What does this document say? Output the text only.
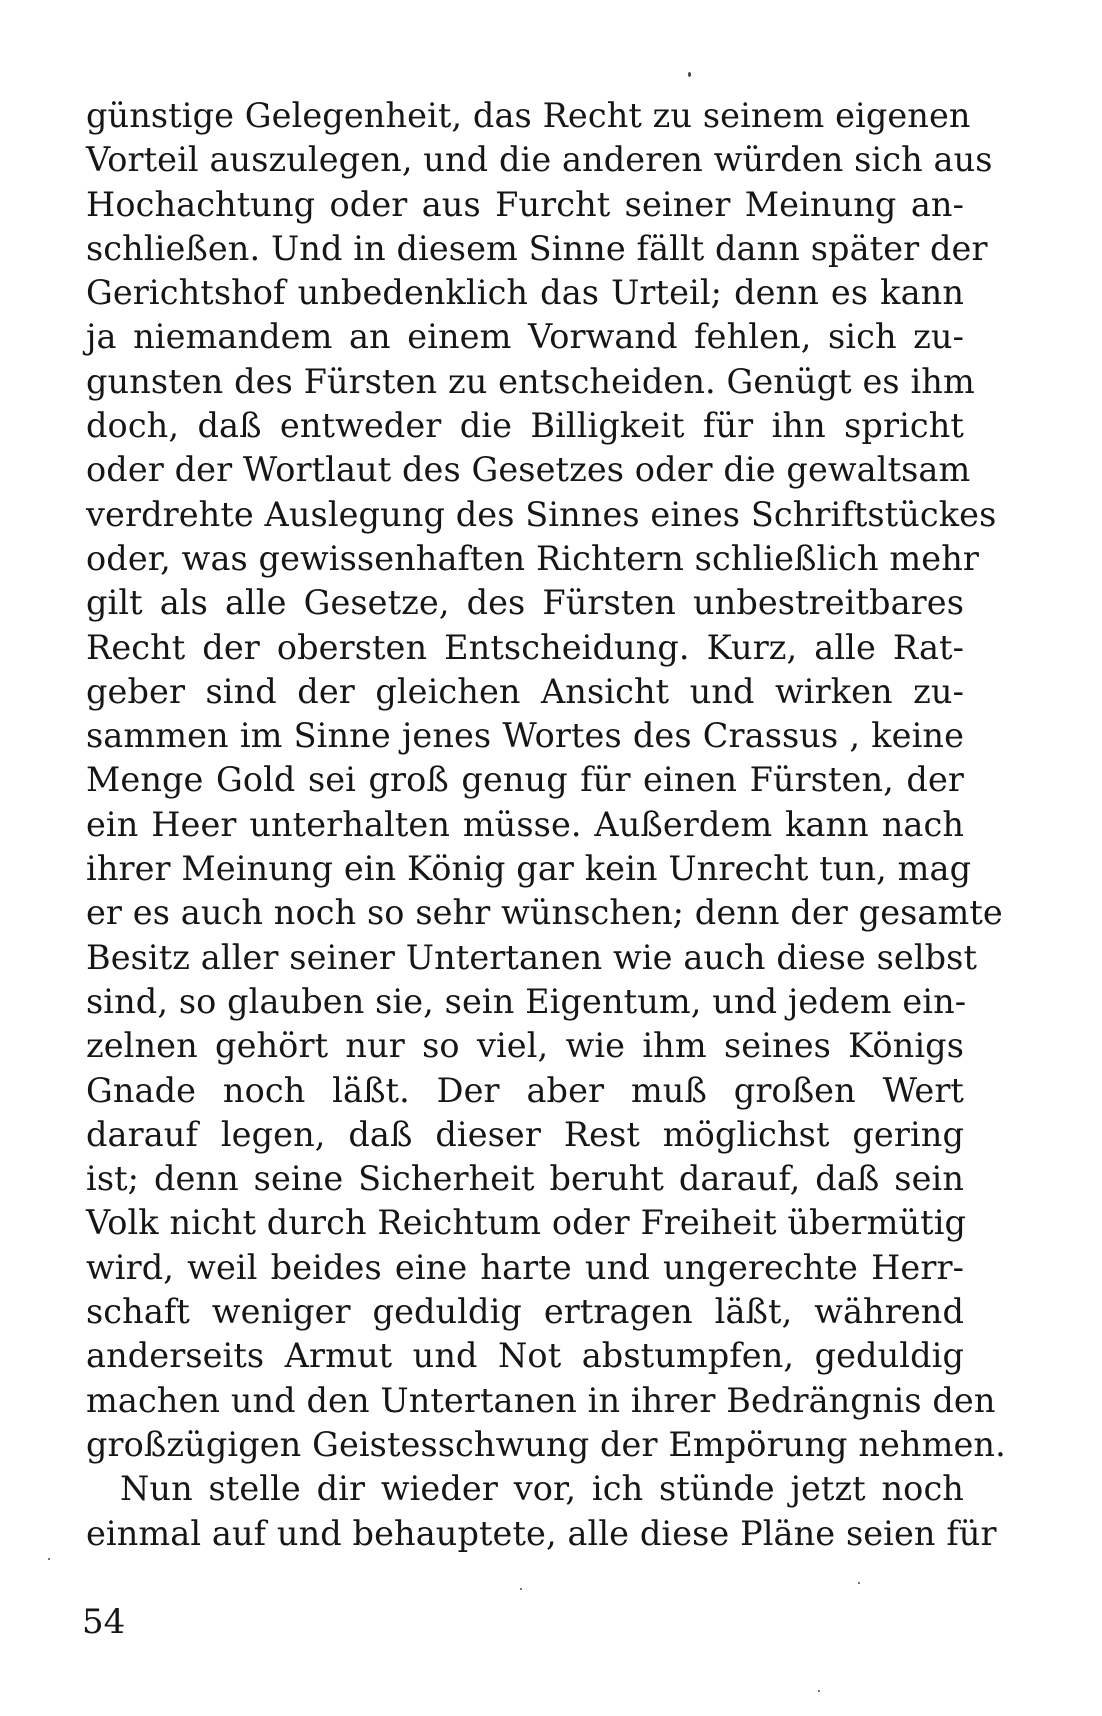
günstige Gelegenheit, das Recht zu seinem eigenen
Vorteil auszulegen, und die anderen würden sich aus
Hochachtung oder aus Furcht seiner Meinung an-
schließen. Und in diesem Sinne fällt dann später der
Gerichtshof unbedenklich das Urteil; denn es kann
ja niemandem an einem Vorwand fehlen, sich zu-
gunsten des Fürsten zu entscheiden. Genügt es ihm
doch, daß entweder die Billigkeit für ihn spricht
oder der Wortlaut des Gesetzes oder die gewaltsam
verdrehte Auslegung des Sinnes eines Schriftstückes
oder, was gewissenhaften Richtern schließlich mehr
gilt als alle Gesetze, des Fürsten unbestreitbares
Recht der obersten Entscheidung. Kurz, alle Rat-
geber sind der gleichen Ansicht und wirken zu-
sammen im Sinne jenes Wortes des Crassus , keine
Menge Gold sei groß genug für einen Fürsten, der
ein Heer unterhalten müsse. Außerdem kann nach
ihrer Meinung ein König gar kein Unrecht tun, mag
er es auch noch so sehr wünschen; denn der gesamte
Besitz aller seiner Untertanen wie auch diese selbst
sind, so glauben sie, sein Eigentum, und jedem ein-
zelnen gehört nur so viel, wie ihm seines Königs
Gnade noch läßt. Der aber muß großen Wert
darauf legen, daß dieser Rest möglichst gering
ist; denn seine Sicherheit beruht darauf, daß sein
Volk nicht durch Reichtum oder Freiheit übermütig
wird, weil beides eine harte und ungerechte Herr-
schaft weniger geduldig ertragen läßt, während
anderseits Armut und Not abstumpfen, geduldig
machen und den Untertanen in ihrer Bedrängnis den
großzügigen Geistesschwung der Empörung nehmen.
Nun stelle dir wieder vor, ich stünde jetzt noch
einmal auf und behauptete, alle diese Pläne seien für
54
